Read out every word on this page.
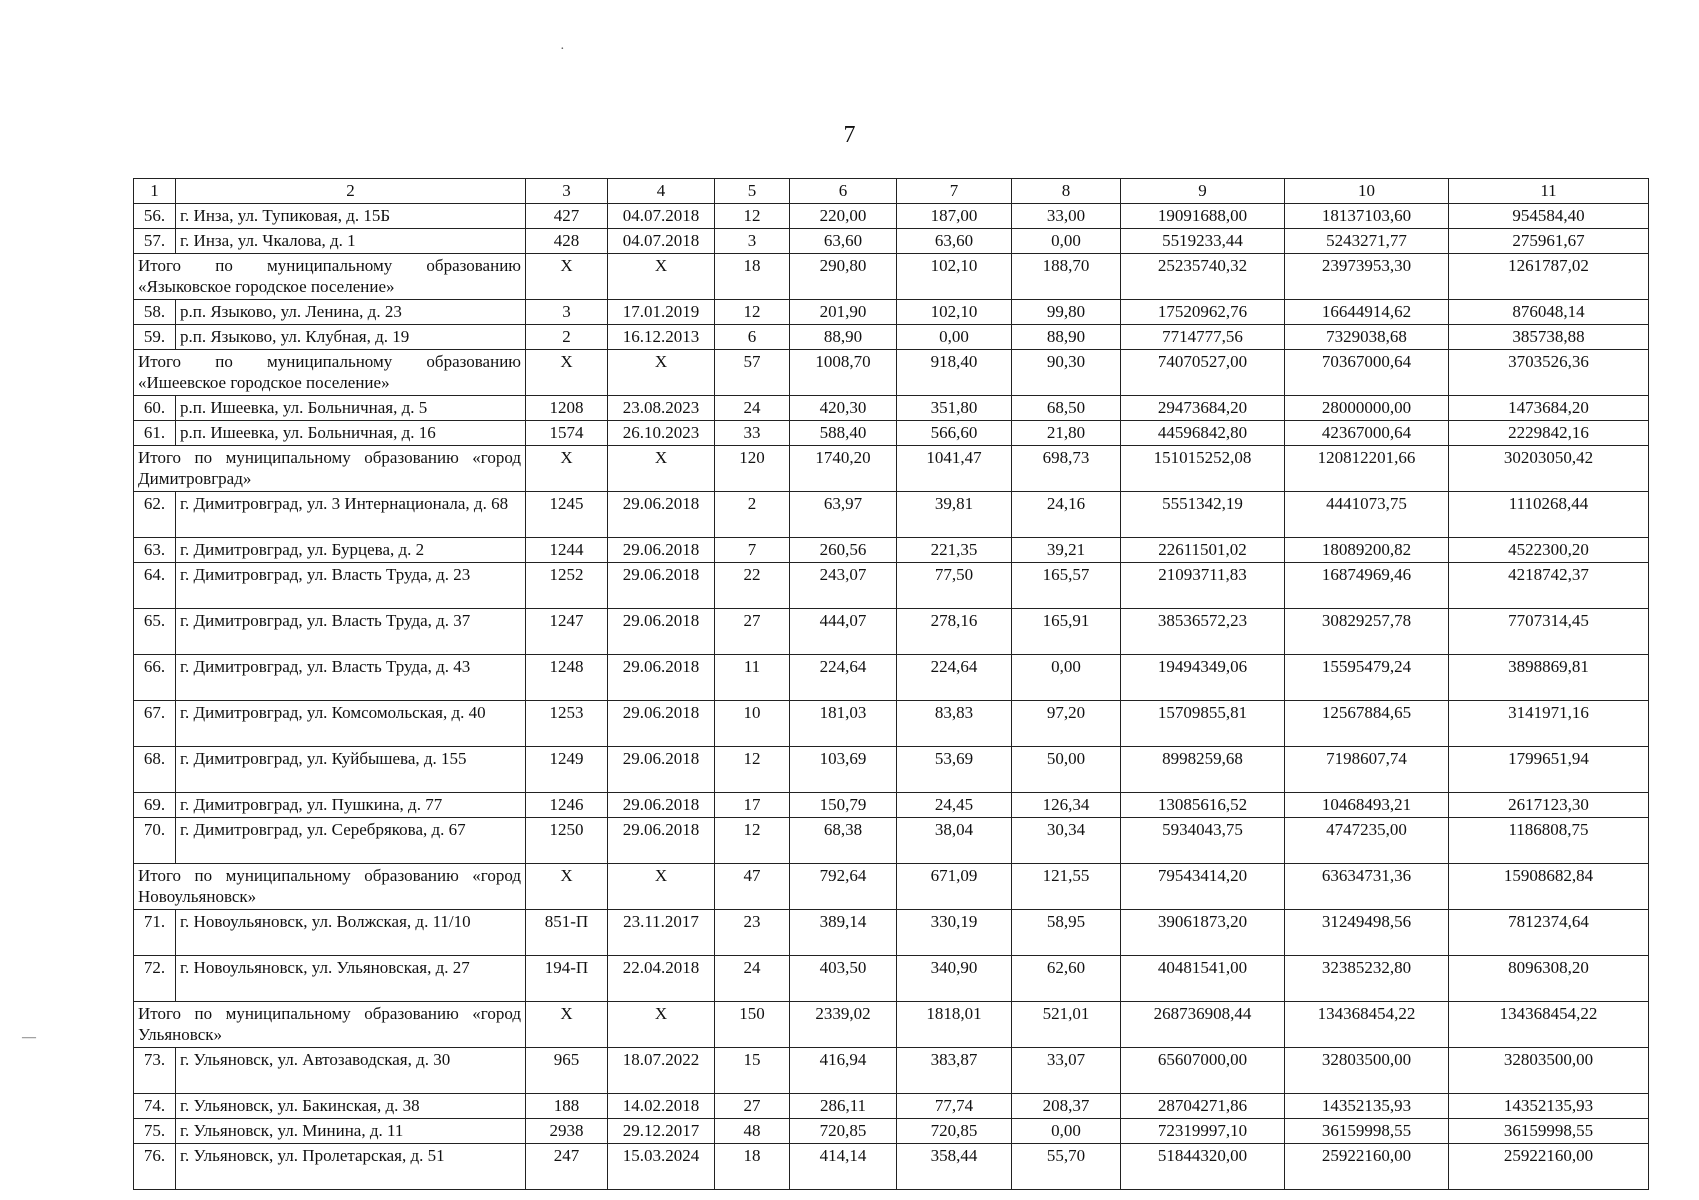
7
·
—
1	2	3	4	5	6	7	8	9	10	11
56.	г. Инза, ул. Тупиковая, д. 15Б	427	04.07.2018	12	220,00	187,00	33,00	19091688,00	18137103,60	954584,40
57.	г. Инза, ул. Чкалова, д. 1	428	04.07.2018	3	63,60	63,60	0,00	5519233,44	5243271,77	275961,67
Итого по муниципальному образованию «Языковское городское поселение»		X	X	18	290,80	102,10	188,70	25235740,32	23973953,30	1261787,02
58.	р.п. Языково, ул. Ленина, д. 23	3	17.01.2019	12	201,90	102,10	99,80	17520962,76	16644914,62	876048,14
59.	р.п. Языково, ул. Клубная, д. 19	2	16.12.2013	6	88,90	0,00	88,90	7714777,56	7329038,68	385738,88
Итого по муниципальному образованию «Ишеевское городское поселение»		X	X	57	1008,70	918,40	90,30	74070527,00	70367000,64	3703526,36
60.	р.п. Ишеевка, ул. Больничная, д. 5	1208	23.08.2023	24	420,30	351,80	68,50	29473684,20	28000000,00	1473684,20
61.	р.п. Ишеевка, ул. Больничная, д. 16	1574	26.10.2023	33	588,40	566,60	21,80	44596842,80	42367000,64	2229842,16
Итого по муниципальному образованию «город Димитровград»		X	X	120	1740,20	1041,47	698,73	151015252,08	120812201,66	30203050,42
62.	г. Димитровград, ул. 3 Интернационала, д. 68	1245	29.06.2018	2	63,97	39,81	24,16	5551342,19	4441073,75	1110268,44
63.	г. Димитровград, ул. Бурцева, д. 2	1244	29.06.2018	7	260,56	221,35	39,21	22611501,02	18089200,82	4522300,20
64.	г. Димитровград, ул. Власть Труда, д. 23	1252	29.06.2018	22	243,07	77,50	165,57	21093711,83	16874969,46	4218742,37
65.	г. Димитровград, ул. Власть Труда, д. 37	1247	29.06.2018	27	444,07	278,16	165,91	38536572,23	30829257,78	7707314,45
66.	г. Димитровград, ул. Власть Труда, д. 43	1248	29.06.2018	11	224,64	224,64	0,00	19494349,06	15595479,24	3898869,81
67.	г. Димитровград, ул. Комсомольская, д. 40	1253	29.06.2018	10	181,03	83,83	97,20	15709855,81	12567884,65	3141971,16
68.	г. Димитровград, ул. Куйбышева, д. 155	1249	29.06.2018	12	103,69	53,69	50,00	8998259,68	7198607,74	1799651,94
69.	г. Димитровград, ул. Пушкина, д. 77	1246	29.06.2018	17	150,79	24,45	126,34	13085616,52	10468493,21	2617123,30
70.	г. Димитровград, ул. Серебрякова, д. 67	1250	29.06.2018	12	68,38	38,04	30,34	5934043,75	4747235,00	1186808,75
Итого по муниципальному образованию «город Новоульяновск»		X	X	47	792,64	671,09	121,55	79543414,20	63634731,36	15908682,84
71.	г. Новоульяновск, ул. Волжская, д. 11/10	851-П	23.11.2017	23	389,14	330,19	58,95	39061873,20	31249498,56	7812374,64
72.	г. Новоульяновск, ул. Ульяновская, д. 27	194-П	22.04.2018	24	403,50	340,90	62,60	40481541,00	32385232,80	8096308,20
Итого по муниципальному образованию «город Ульяновск»		X	X	150	2339,02	1818,01	521,01	268736908,44	134368454,22	134368454,22
73.	г. Ульяновск, ул. Автозаводская, д. 30	965	18.07.2022	15	416,94	383,87	33,07	65607000,00	32803500,00	32803500,00
74.	г. Ульяновск, ул. Бакинская, д. 38	188	14.02.2018	27	286,11	77,74	208,37	28704271,86	14352135,93	14352135,93
75.	г. Ульяновск, ул. Минина, д. 11	2938	29.12.2017	48	720,85	720,85	0,00	72319997,10	36159998,55	36159998,55
76.	г. Ульяновск, ул. Пролетарская, д. 51	247	15.03.2024	18	414,14	358,44	55,70	51844320,00	25922160,00	25922160,00
